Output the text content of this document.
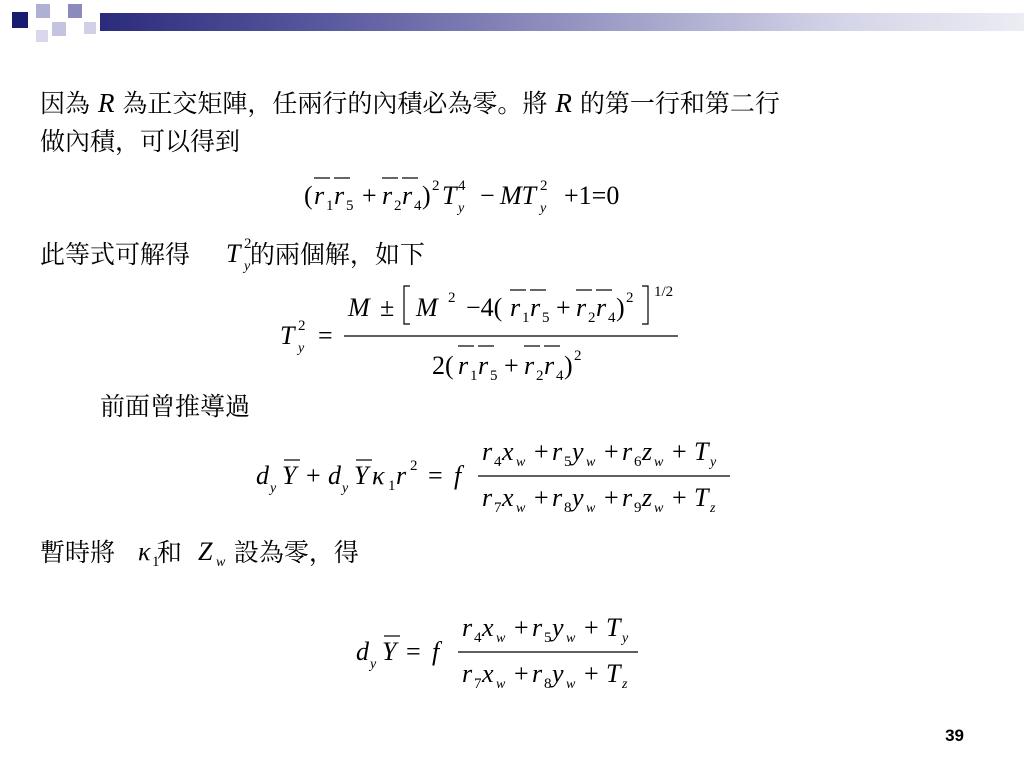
因為 R 為正交矩陣，任兩行的內積必為零。將 R 的第一行和第二行
做內積，可以得到
( r 1 r 5 + r 2 r 4 ) 2 T 4
y − MT 2
y +1=0
此等式可解得 的兩個解，如下
T 2
y
T 2
y =
M ± M 2 −4( r 1 r 5 + r 2 r 4 ) 2 1/2
2( r 1 r 5 + r 2 r 4 ) 2
前面曾推導過
d y Y + d y Y κ 1 r 2 = f
r 4 x w + r 5 y w + r 6 z w + T y
r 7 x w + r 8 y w + r 9 z w + T z
暫時將 和 設為零，得
κ 1 Z w
d y Y = f
r 4 x w + r 5 y w + T y
r 7 x w + r 8 y w + T z
39
